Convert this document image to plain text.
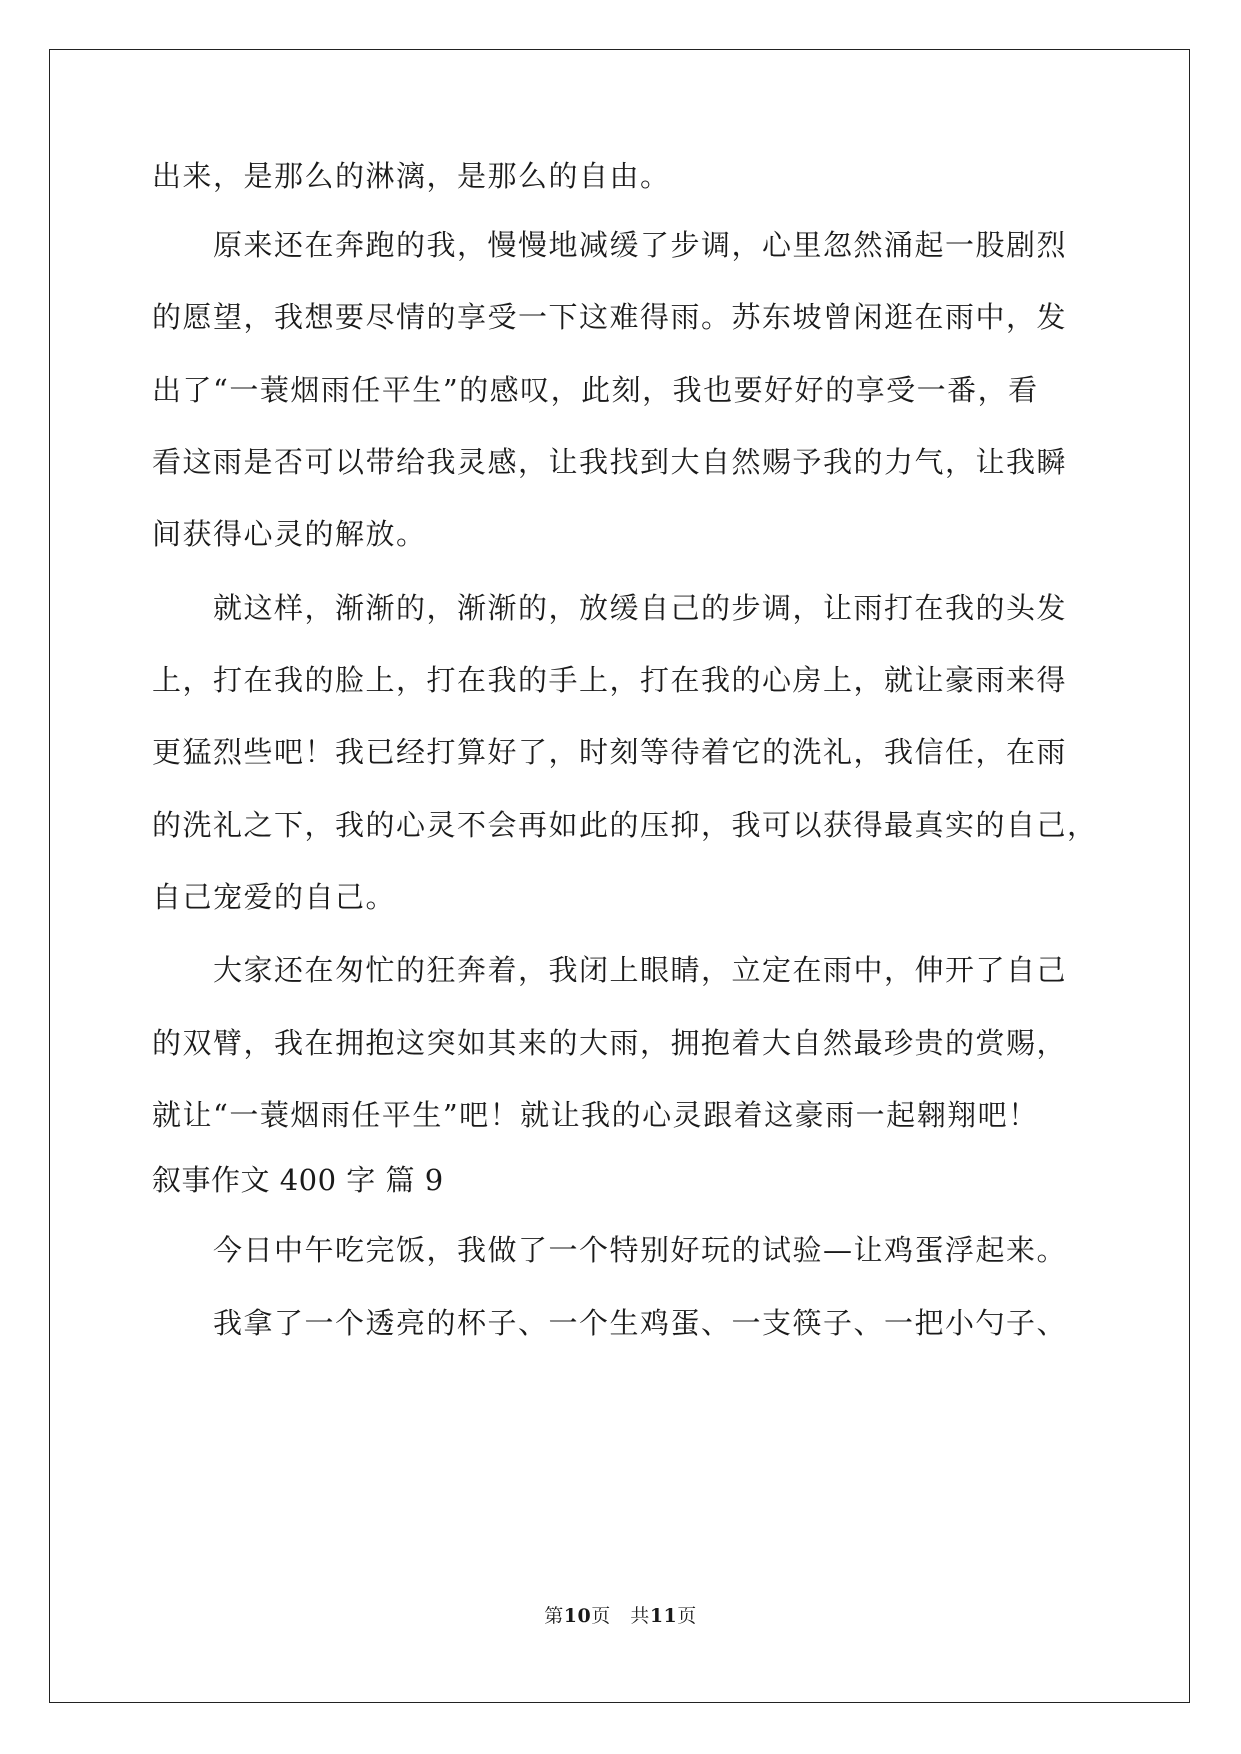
出来，是那么的淋漓，是那么的自由。
原来还在奔跑的我，慢慢地减缓了步调，心里忽然涌起一股剧烈
的愿望，我想要尽情的享受一下这难得雨。苏东坡曾闲逛在雨中，发
出了“一蓑烟雨任平生”的感叹，此刻，我也要好好的享受一番，看
看这雨是否可以带给我灵感，让我找到大自然赐予我的力气，让我瞬
间获得心灵的解放。
就这样，渐渐的，渐渐的，放缓自己的步调，让雨打在我的头发
上，打在我的脸上，打在我的手上，打在我的心房上，就让豪雨来得
更猛烈些吧！我已经打算好了，时刻等待着它的洗礼，我信任，在雨
的洗礼之下，我的心灵不会再如此的压抑，我可以获得最真实的自己，
自己宠爱的自己。
大家还在匆忙的狂奔着，我闭上眼睛，立定在雨中，伸开了自己
的双臂，我在拥抱这突如其来的大雨，拥抱着大自然最珍贵的赏赐，
就让“一蓑烟雨任平生”吧！就让我的心灵跟着这豪雨一起翱翔吧！
叙事作文 400 字 篇 9
今日中午吃完饭，我做了一个特别好玩的试验—让鸡蛋浮起来。
我拿了一个透亮的杯子、一个生鸡蛋、一支筷子、一把小勺子、
第10页   共11页
